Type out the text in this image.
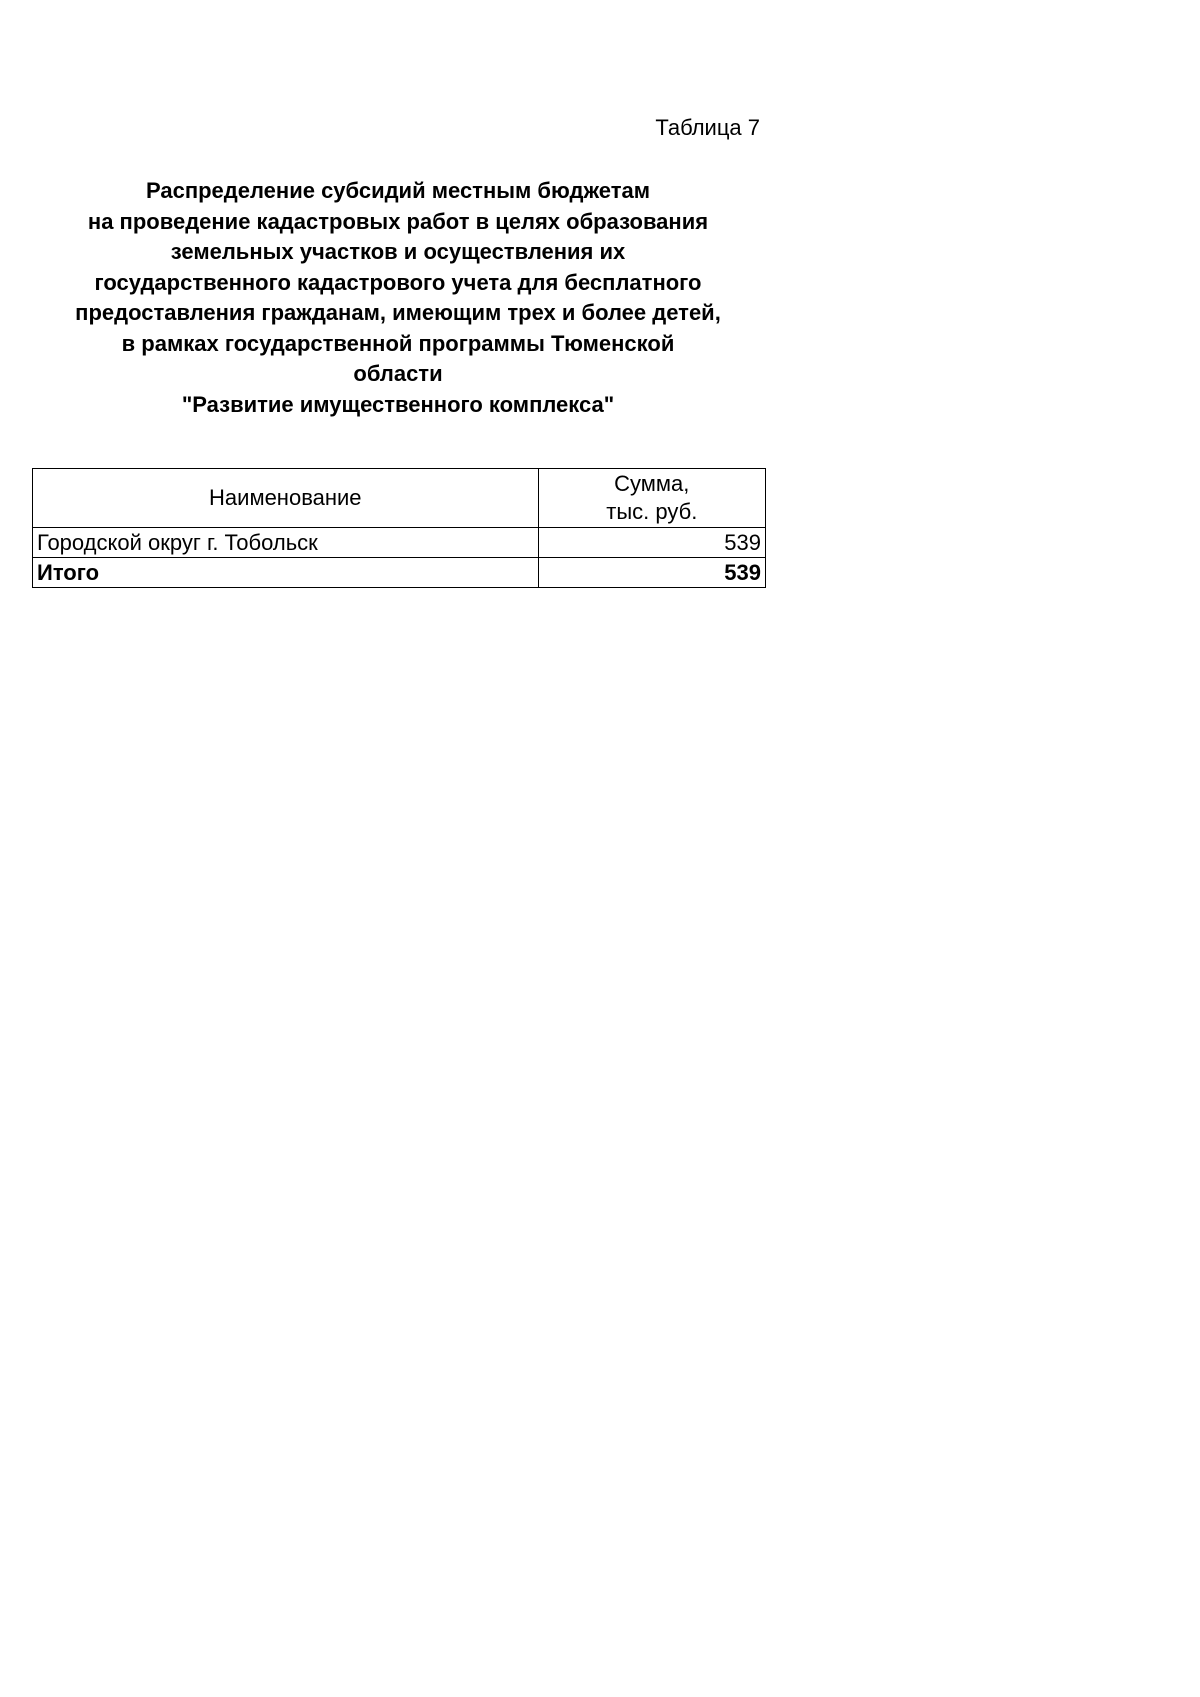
Таблица 7
Распределение субсидий местным бюджетам
на проведение кадастровых работ в целях образования
земельных участков и осуществления их
государственного кадастрового учета для бесплатного
предоставления гражданам, имеющим трех и более детей,
в рамках государственной программы Тюменской
области
"Развитие имущественного комплекса"
Наименование	Сумма,
тыс. руб.

Городской округ г. Тобольск	539
Итого	539
